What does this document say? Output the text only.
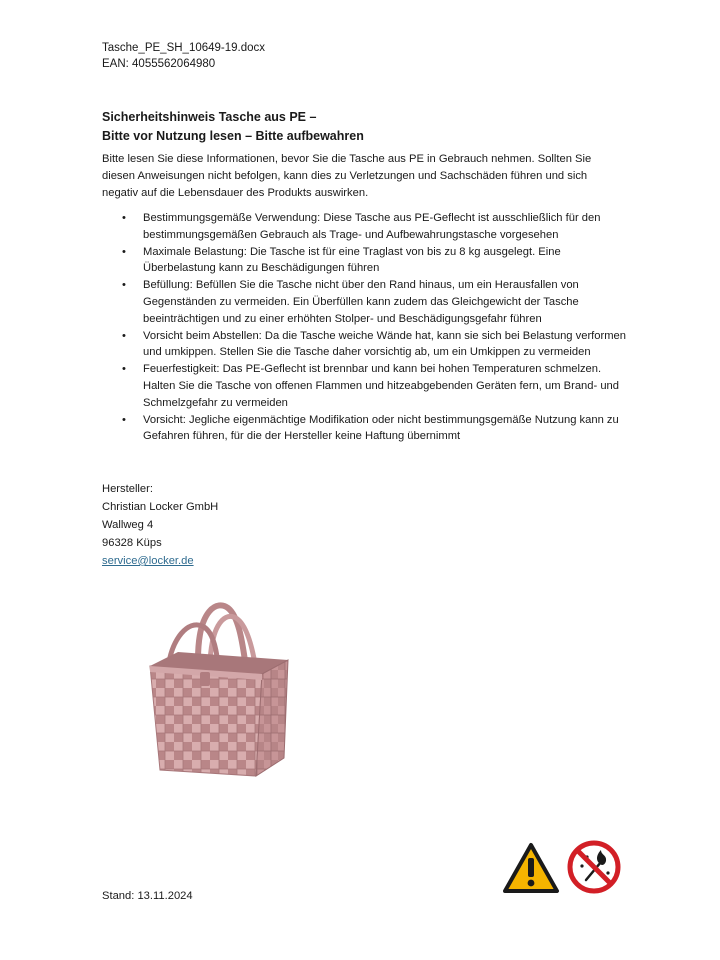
Tasche_PE_SH_10649-19.docx
EAN: 4055562064980
Sicherheitshinweis Tasche aus PE –
Bitte vor Nutzung lesen – Bitte aufbewahren
Bitte lesen Sie diese Informationen, bevor Sie die Tasche aus PE in Gebrauch nehmen. Sollten Sie diesen Anweisungen nicht befolgen, kann dies zu Verletzungen und Sachschäden führen und sich negativ auf die Lebensdauer des Produkts auswirken.
• Bestimmungsgemäße Verwendung: Diese Tasche aus PE-Geflecht ist ausschließlich für den bestimmungsgemäßen Gebrauch als Trage- und Aufbewahrungstasche vorgesehen
• Maximale Belastung: Die Tasche ist für eine Traglast von bis zu 8 kg ausgelegt. Eine Überbelastung kann zu Beschädigungen führen
• Befüllung: Befüllen Sie die Tasche nicht über den Rand hinaus, um ein Herausfallen von Gegenständen zu vermeiden. Ein Überfüllen kann zudem das Gleichgewicht der Tasche beeinträchtigen und zu einer erhöhten Stolper- und Beschädigungsgefahr führen
• Vorsicht beim Abstellen: Da die Tasche weiche Wände hat, kann sie sich bei Belastung verformen und umkippen. Stellen Sie die Tasche daher vorsichtig ab, um ein Umkippen zu vermeiden
• Feuerfestigkeit: Das PE-Geflecht ist brennbar und kann bei hohen Temperaturen schmelzen. Halten Sie die Tasche von offenen Flammen und hitzeabgebenden Geräten fern, um Brand- und Schmelzgefahr zu vermeiden
• Vorsicht: Jegliche eigenmächtige Modifikation oder nicht bestimmungsgemäße Nutzung kann zu Gefahren führen, für die der Hersteller keine Haftung übernimmt
Hersteller:
Christian Locker GmbH
Wallweg 4
96328 Küps
service@locker.de
Stand: 13.11.2024
